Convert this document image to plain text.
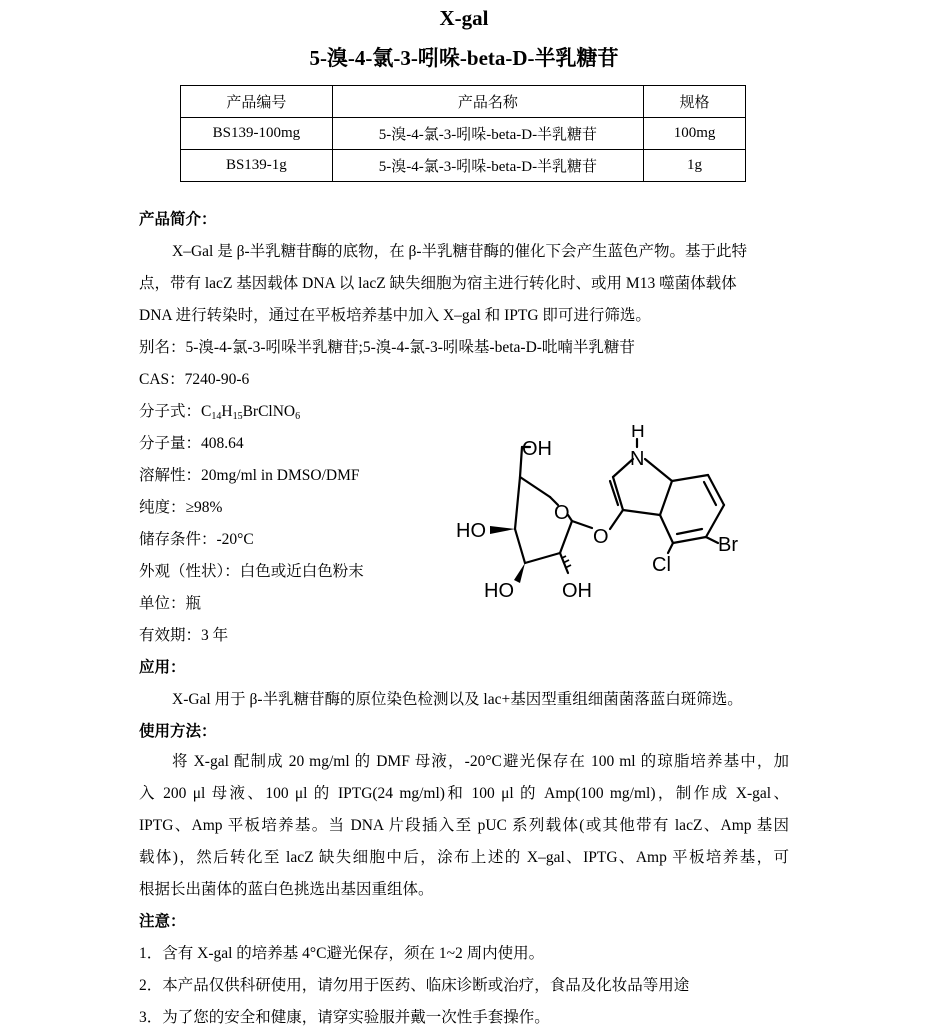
X-gal
5-溴-4-氯-3-吲哚-beta-D-半乳糖苷
产品编号	产品名称	规格
BS139-100mg	5-溴-4-氯-3-吲哚-beta-D-半乳糖苷	100mg
BS139-1g	5-溴-4-氯-3-吲哚-beta-D-半乳糖苷	1g
产品简介：
X–Gal 是 β-半乳糖苷酶的底物，在 β-半乳糖苷酶的催化下会产生蓝色产物。基于此特
点，带有 lacZ 基因载体 DNA 以 lacZ 缺失细胞为宿主进行转化时、或用 M13 噬菌体载体
DNA 进行转染时，通过在平板培养基中加入 X–gal 和 IPTG 即可进行筛选。
别名：5-溴-4-氯-3-吲哚半乳糖苷;5-溴-4-氯-3-吲哚基-beta-D-吡喃半乳糖苷
CAS：7240-90-6
分子式：$C_{14}H_{15}BrClNO_6$
分子量：408.64
溶解性：20mg/ml in DMSO/DMF
纯度：≥98%
储存条件：-20°C
外观（性状）：白色或近白色粉末
单位：瓶
有效期：3 年
OH
H
N
HO
O
O
HO OH
Cl
Br
应用：
X-Gal 用于 β-半乳糖苷酶的原位染色检测以及 lac+基因型重组细菌菌落蓝白斑筛选。
使用方法：
将 X-gal 配制成 20 mg/ml 的 DMF 母液，-20°C避光保存在 100 ml 的琼脂培养基中，加
入 200 μl 母液、100 μl 的 IPTG(24 mg/ml)和 100 μl 的 Amp(100 mg/ml)，制作成 X-gal、
IPTG、Amp 平板培养基。当 DNA 片段插入至 pUC 系列载体(或其他带有 lacZ、Amp 基因
载体)，然后转化至 lacZ 缺失细胞中后，涂布上述的 X–gal、IPTG、Amp 平板培养基，可
根据长出菌体的蓝白色挑选出基因重组体。
注意：
1．含有 X-gal 的培养基 4°C避光保存，须在 1~2 周内使用。
2．本产品仅供科研使用，请勿用于医药、临床诊断或治疗，食品及化妆品等用途
3．为了您的安全和健康，请穿实验服并戴一次性手套操作。
